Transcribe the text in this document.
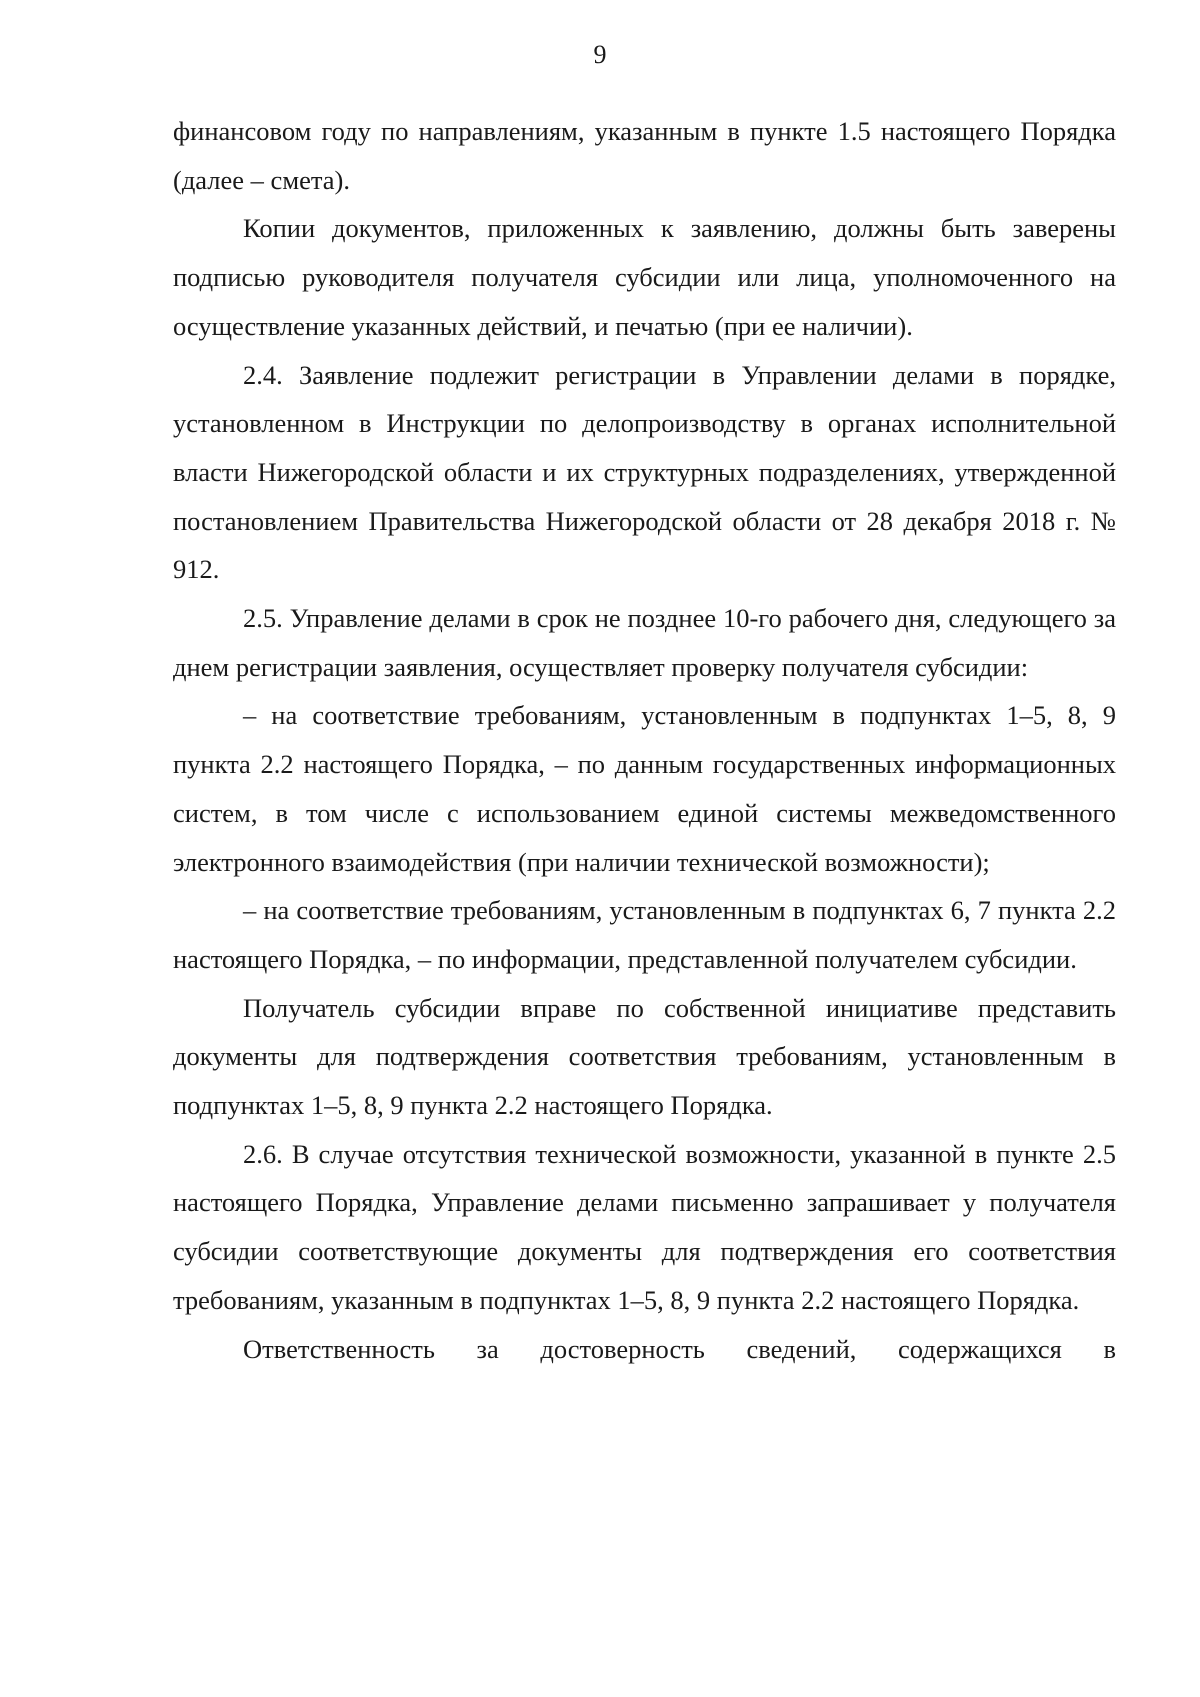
9

финансовом году по направлениям, указанным в пункте 1.5 настоящего Порядка (далее – смета).

Копии документов, приложенных к заявлению, должны быть заверены подписью руководителя получателя субсидии или лица, уполномоченного на осуществление указанных действий, и печатью (при ее наличии).

2.4. Заявление подлежит регистрации в Управлении делами в порядке, установленном в Инструкции по делопроизводству в органах исполнительной власти Нижегородской области и их структурных подразделениях, утвержденной постановлением Правительства Нижегородской области от 28 декабря 2018 г. № 912.

2.5. Управление делами в срок не позднее 10-го рабочего дня, следующего за днем регистрации заявления, осуществляет проверку получателя субсидии:

– на соответствие требованиям, установленным в подпунктах 1–5, 8, 9 пункта 2.2 настоящего Порядка, – по данным государственных информационных систем, в том числе с использованием единой системы межведомственного электронного взаимодействия (при наличии технической возможности);

– на соответствие требованиям, установленным в подпунктах 6, 7 пункта 2.2 настоящего Порядка, – по информации, представленной получателем субсидии.

Получатель субсидии вправе по собственной инициативе представить документы для подтверждения соответствия требованиям, установленным в подпунктах 1–5, 8, 9 пункта 2.2 настоящего Порядка.

2.6. В случае отсутствия технической возможности, указанной в пункте 2.5 настоящего Порядка, Управление делами письменно запрашивает у получателя субсидии соответствующие документы для подтверждения его соответствия требованиям, указанным в подпунктах 1–5, 8, 9 пункта 2.2 настоящего Порядка.

Ответственность за достоверность сведений, содержащихся в
